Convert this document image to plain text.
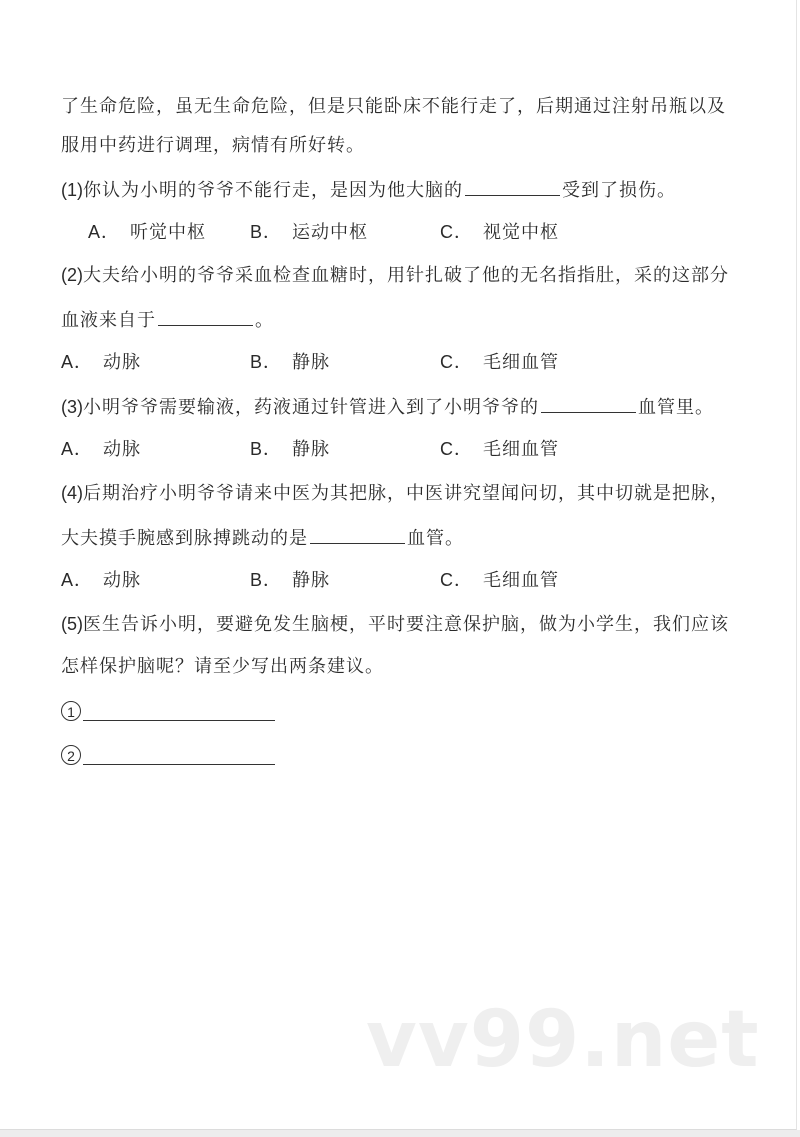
了生命危险，虽无生命危险，但是只能卧床不能行走了，后期通过注射吊瓶以及
服用中药进行调理，病情有所好转。
(1)你认为小明的爷爷不能行走，是因为他大脑的	受到了损伤。
A． 听觉中枢 B． 运动中枢	C． 视觉中枢
(2)大夫给小明的爷爷采血检查血糖时，用针扎破了他的无名指指肚，采的这部分
血液来自于	。
A． 动脉	B． 静脉	C． 毛细血管
(3)小明爷爷需要输液，药液通过针管进入到了小明爷爷的	血管里。
A． 动脉	B． 静脉	C． 毛细血管
(4)后期治疗小明爷爷请来中医为其把脉，中医讲究望闻问切，其中切就是把脉，
大夫摸手腕感到脉搏跳动的是	血管。
A． 动脉	B． 静脉	C． 毛细血管
(5)医生告诉小明，要避免发生脑梗，平时要注意保护脑，做为小学生，我们应该
怎样保护脑呢？请至少写出两条建议。
1
2
vv99.net
